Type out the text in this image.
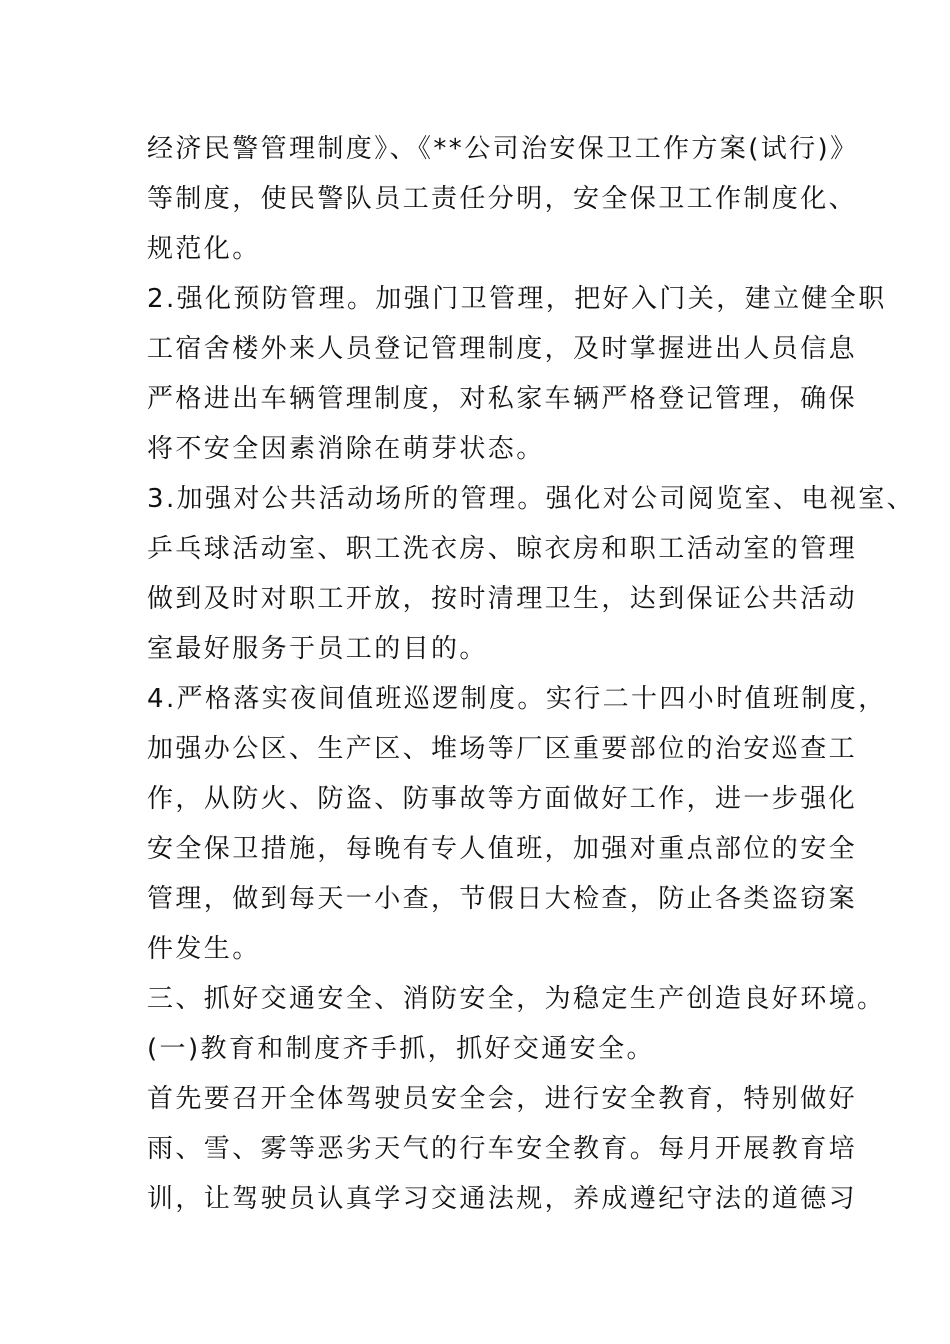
经济民警管理制度》、《**公司治安保卫工作方案(试行)》
等制度，使民警队员工责任分明，安全保卫工作制度化、
规范化。
2.强化预防管理。加强门卫管理，把好入门关，建立健全职
工宿舍楼外来人员登记管理制度，及时掌握进出人员信息
严格进出车辆管理制度，对私家车辆严格登记管理，确保
将不安全因素消除在萌芽状态。
3.加强对公共活动场所的管理。强化对公司阅览室、电视室、
乒乓球活动室、职工洗衣房、晾衣房和职工活动室的管理
做到及时对职工开放，按时清理卫生，达到保证公共活动
室最好服务于员工的目的。
4.严格落实夜间值班巡逻制度。实行二十四小时值班制度，
加强办公区、生产区、堆场等厂区重要部位的治安巡查工
作，从防火、防盗、防事故等方面做好工作，进一步强化
安全保卫措施，每晚有专人值班，加强对重点部位的安全
管理，做到每天一小查，节假日大检查，防止各类盗窃案
件发生。
三、抓好交通安全、消防安全，为稳定生产创造良好环境。
(一)教育和制度齐手抓，抓好交通安全。
首先要召开全体驾驶员安全会，进行安全教育，特别做好
雨、雪、雾等恶劣天气的行车安全教育。每月开展教育培
训，让驾驶员认真学习交通法规，养成遵纪守法的道德习
